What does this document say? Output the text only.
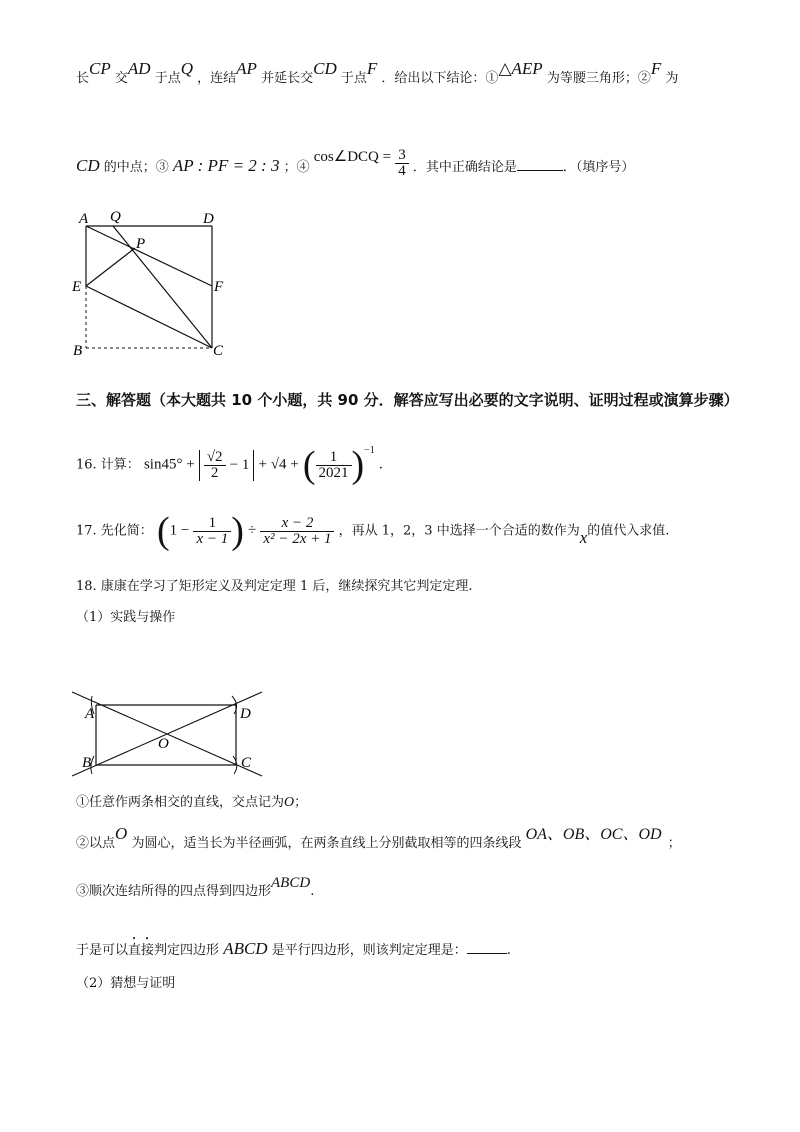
长CP 交AD 于点Q ，连结AP 并延长交CD 于点F ．给出以下结论：①△AEP 为等腰三角形；②F 为
CD 的中点；③ AP : PF = 2 : 3 ；④ cos∠DCQ = $\frac{3}{4}$ ．其中正确结论是	．（填序号）
A Q	D
P
E	F
B	C
三、解答题（本大题共 10 个小题，共 90 分．解答应写出必要的文字说明、证明过程或演算步骤）
16. 计算： $\sin 45^\circ + \frac{√2}{2} - 1 + √4$ + ( $\frac{1}{2021} )^{-1}$ .
17. 先化简： ($1 - \frac{1}{x - 1}$ ) ÷ $\frac{x - 2}{\text{x² − 2x + 1}}$ ，再从 1，2，3 中选择一个合适的数作为x的值代入求值.
18. 康康在学习了矩形定义及判定定理 1 后，继续探究其它判定定理.
（1）实践与操作
A	D
O
B	C
①任意作两条相交的直线，交点记为O；
②以点O 为圆心，适当长为半径画弧，在两条直线上分别截取相等的四条线段 OA、OB、OC、OD ；
③顺次连结所得的四点得到四边形ABCD.
于是可以直接判定四边形 ABCD 是平行四边形，则该判定定理是：	.
（2）猜想与证明
